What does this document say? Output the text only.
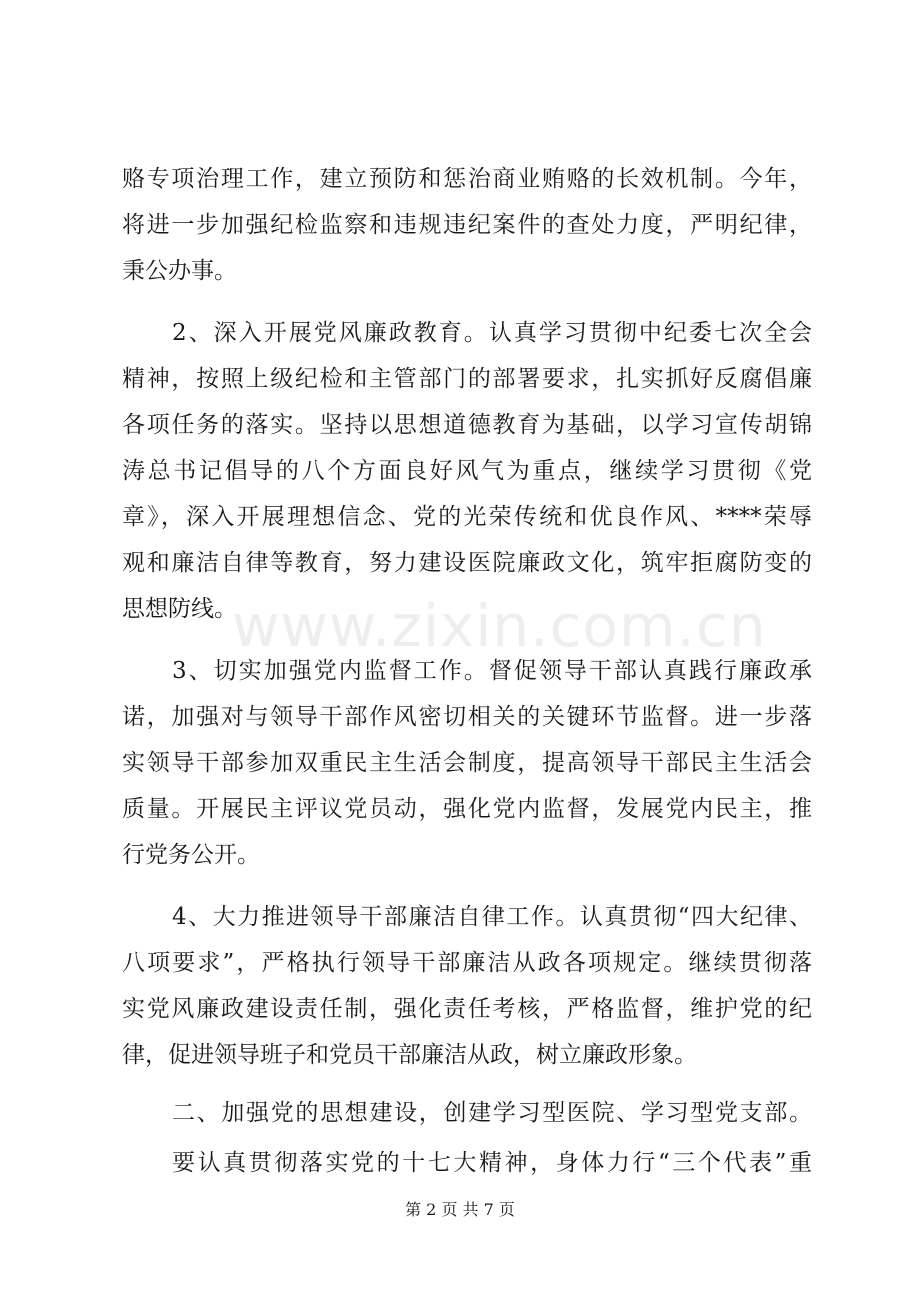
www.zixin.com.cn
赂专项治理工作，建立预防和惩治商业贿赂的长效机制。今年，
将进一步加强纪检监察和违规违纪案件的查处力度，严明纪律，
秉公办事。
2、深入开展党风廉政教育。认真学习贯彻中纪委七次全会
精神，按照上级纪检和主管部门的部署要求，扎实抓好反腐倡廉
各项任务的落实。坚持以思想道德教育为基础，以学习宣传胡锦
涛总书记倡导的八个方面良好风气为重点，继续学习贯彻《党
章》，深入开展理想信念、党的光荣传统和优良作风、****荣辱
观和廉洁自律等教育，努力建设医院廉政文化，筑牢拒腐防变的
思想防线。
3、切实加强党内监督工作。督促领导干部认真践行廉政承
诺，加强对与领导干部作风密切相关的关键环节监督。进一步落
实领导干部参加双重民主生活会制度，提高领导干部民主生活会
质量。开展民主评议党员动，强化党内监督，发展党内民主，推
行党务公开。
4、大力推进领导干部廉洁自律工作。认真贯彻“四大纪律、
八项要求”，严格执行领导干部廉洁从政各项规定。继续贯彻落
实党风廉政建设责任制，强化责任考核，严格监督，维护党的纪
律，促进领导班子和党员干部廉洁从政，树立廉政形象。
二、加强党的思想建设，创建学习型医院、学习型党支部。
要认真贯彻落实党的十七大精神，身体力行“三个代表”重
第 2 页 共 7 页
